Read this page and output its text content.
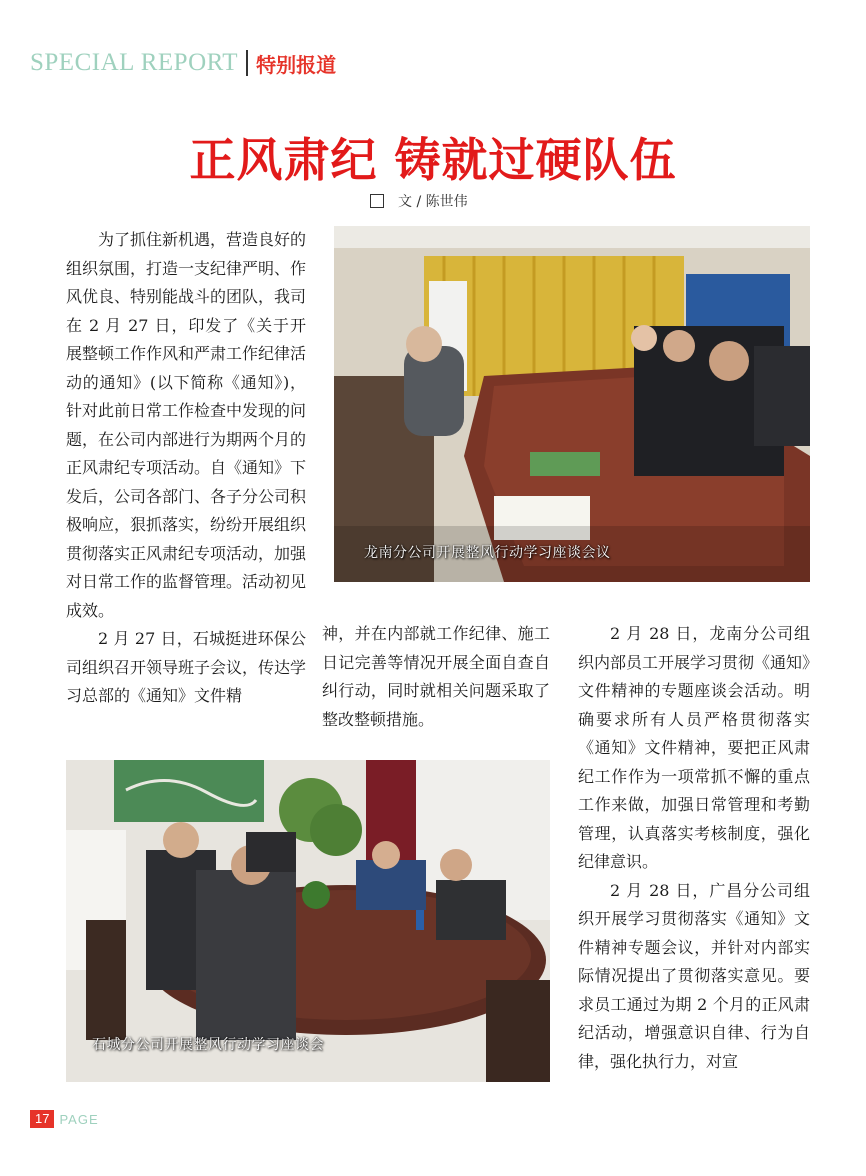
SPECIAL REPORT 特别报道
正风肃纪 铸就过硬队伍
文 / 陈世伟

为了抓住新机遇，营造良好的组织氛围，打造一支纪律严明、作风优良、特别能战斗的团队，我司在 2 月 27 日，印发了《关于开展整顿工作作风和严肃工作纪律活动的通知》(以下简称《通知》)，针对此前日常工作检查中发现的问题，在公司内部进行为期两个月的正风肃纪专项活动。自《通知》下发后，公司各部门、各子分公司积极响应，狠抓落实，纷纷开展组织贯彻落实正风肃纪专项活动，加强对日常工作的监督管理。活动初见成效。

2 月 27 日，石城挺进环保公司组织召开领导班子会议，传达学习总部的《通知》文件精

神，并在内部就工作纪律、施工日记完善等情况开展全面自查自纠行动，同时就相关问题采取了整改整顿措施。

2 月 28 日，龙南分公司组织内部员工开展学习贯彻《通知》文件精神的专题座谈会活动。明确要求所有人员严格贯彻落实《通知》文件精神，要把正风肃纪工作作为一项常抓不懈的重点工作来做，加强日常管理和考勤管理，认真落实考核制度，强化纪律意识。

2 月 28 日，广昌分公司组织开展学习贯彻落实《通知》文件精神专题会议，并针对内部实际情况提出了贯彻落实意见。要求员工通过为期 2 个月的正风肃纪活动，增强意识自律、行为自律，强化执行力，对宣

龙南分公司开展整风行动学习座谈会议
石城分公司开展整风行动学习座谈会
17 PAGE
